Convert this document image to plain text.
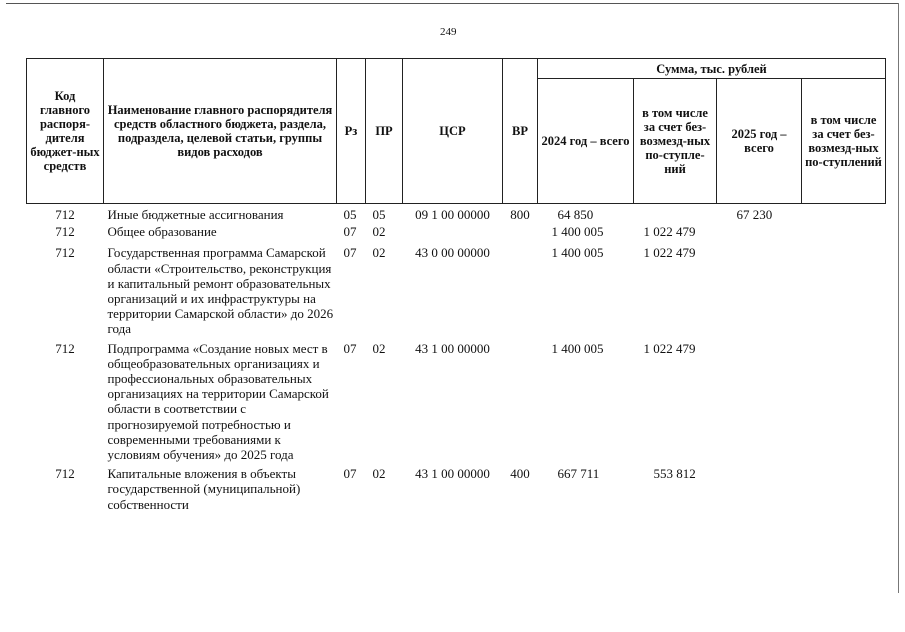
249
Код главного распоря-дителя бюджет-ных средств	Наименование главного распорядителя средств областного бюджета, раздела, подраздела, целевой статьи, группы видов расходов	Рз	ПР	ЦСР	ВР	Сумма, тыс. рублей			
						2024 год – всего	в том числе за счет без-возмезд-ных по-ступле-ний	2025 год – всего	в том числе за счет без-возмезд-ных по-ступлений
712	Иные бюджетные ассигнования	05	05	09 1 00 00000	800	64 850		67 230	
712	Общее образование	07	02			1 400 005	1 022 479		
712	Государственная программа Самарской области «Строительство, реконструкция и капитальный ремонт образовательных организаций и их инфраструктуры на территории Самарской области» до 2026 года	07	02	43 0 00 00000		1 400 005	1 022 479		
712	Подпрограмма «Создание новых мест в общеобразовательных организациях и профессиональных образовательных организациях на территории Самарской области в соответствии с прогнозируемой потребностью и современными требованиями к условиям обучения» до 2025 года	07	02	43 1 00 00000		1 400 005	1 022 479		
712	Капитальные вложения в объекты государственной (муниципальной) собственности	07	02	43 1 00 00000	400	667 711	553 812		
